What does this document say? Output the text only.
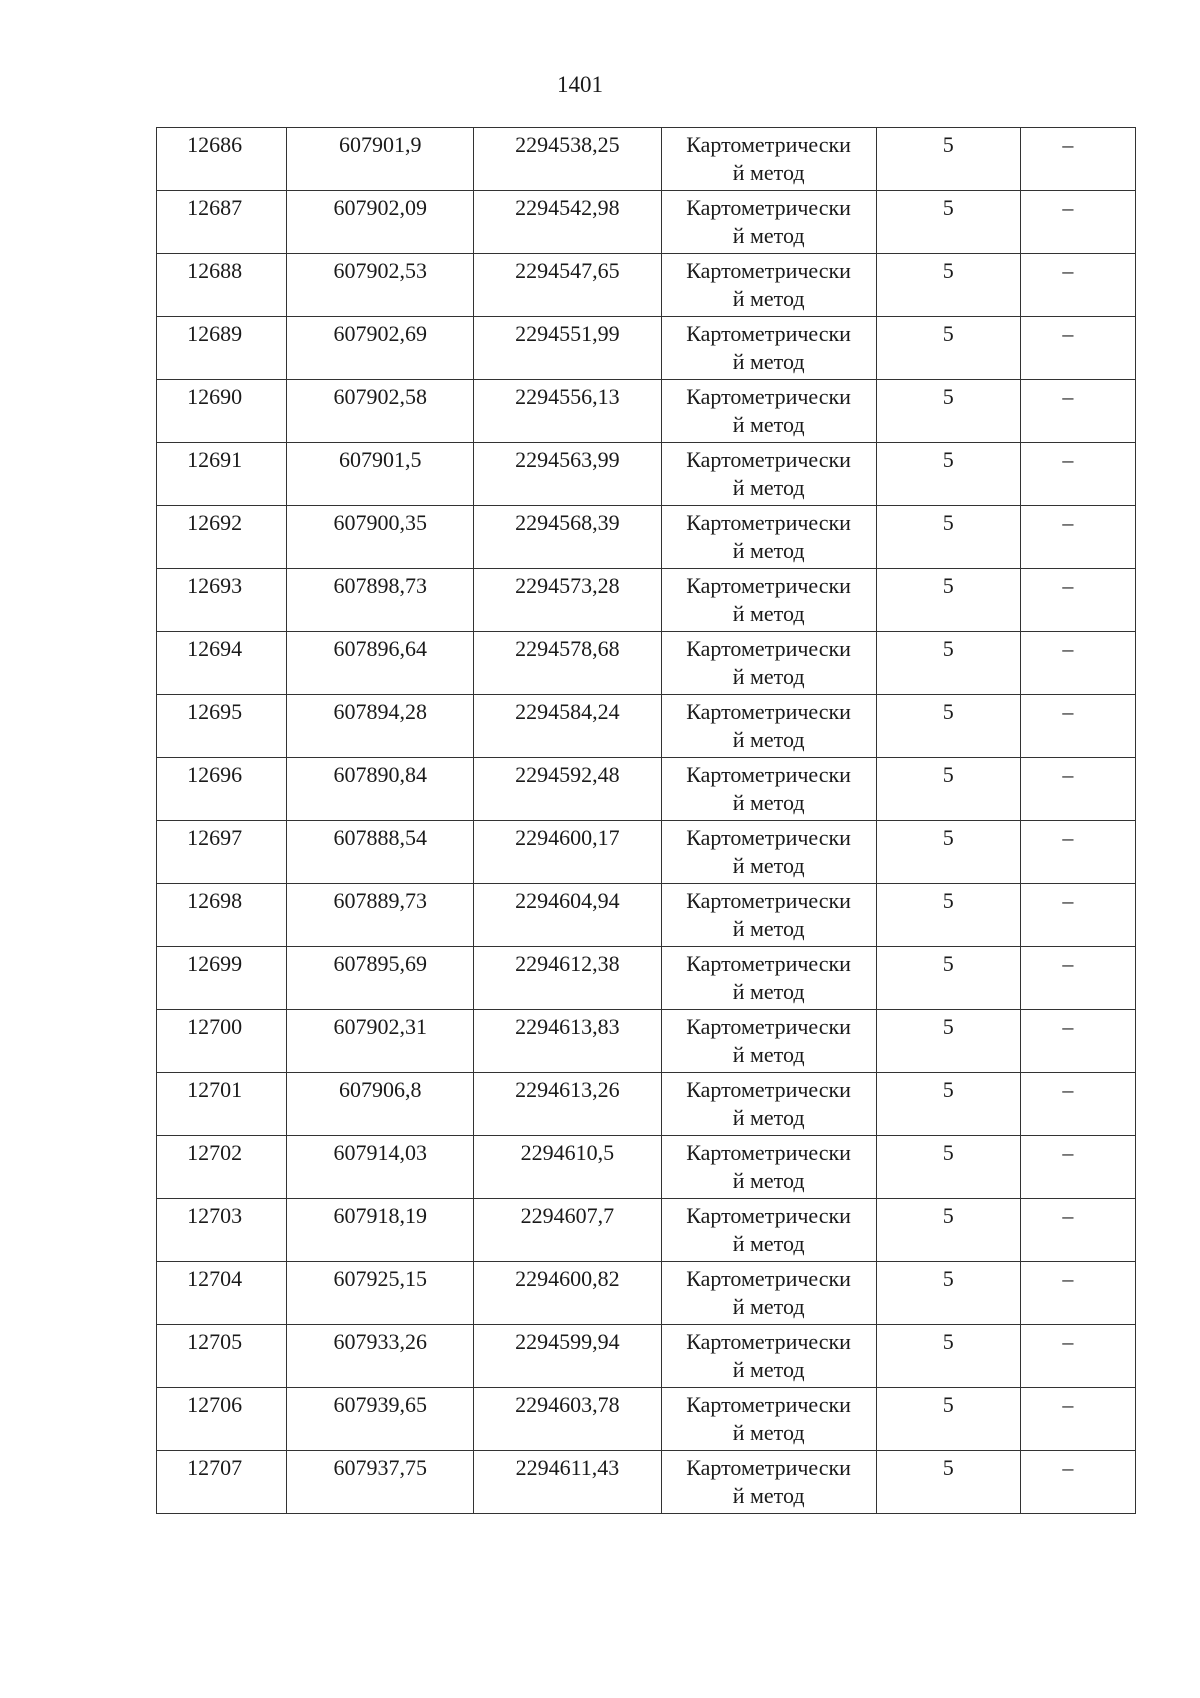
1401
12686	607901,9	2294538,25	Картометрически
й метод	5	–

12687	607902,09	2294542,98	Картометрически
й метод	5	–

12688	607902,53	2294547,65	Картометрически
й метод	5	–

12689	607902,69	2294551,99	Картометрически
й метод	5	–

12690	607902,58	2294556,13	Картометрически
й метод	5	–

12691	607901,5	2294563,99	Картометрически
й метод	5	–

12692	607900,35	2294568,39	Картометрически
й метод	5	–

12693	607898,73	2294573,28	Картометрически
й метод	5	–

12694	607896,64	2294578,68	Картометрически
й метод	5	–

12695	607894,28	2294584,24	Картометрически
й метод	5	–

12696	607890,84	2294592,48	Картометрически
й метод	5	–

12697	607888,54	2294600,17	Картометрически
й метод	5	–

12698	607889,73	2294604,94	Картометрически
й метод	5	–

12699	607895,69	2294612,38	Картометрически
й метод	5	–

12700	607902,31	2294613,83	Картометрически
й метод	5	–

12701	607906,8	2294613,26	Картометрически
й метод	5	–

12702	607914,03	2294610,5	Картометрически
й метод	5	–

12703	607918,19	2294607,7	Картометрически
й метод	5	–

12704	607925,15	2294600,82	Картометрически
й метод	5	–

12705	607933,26	2294599,94	Картометрически
й метод	5	–

12706	607939,65	2294603,78	Картометрически
й метод	5	–

12707	607937,75	2294611,43	Картометрически
й метод	5	–
